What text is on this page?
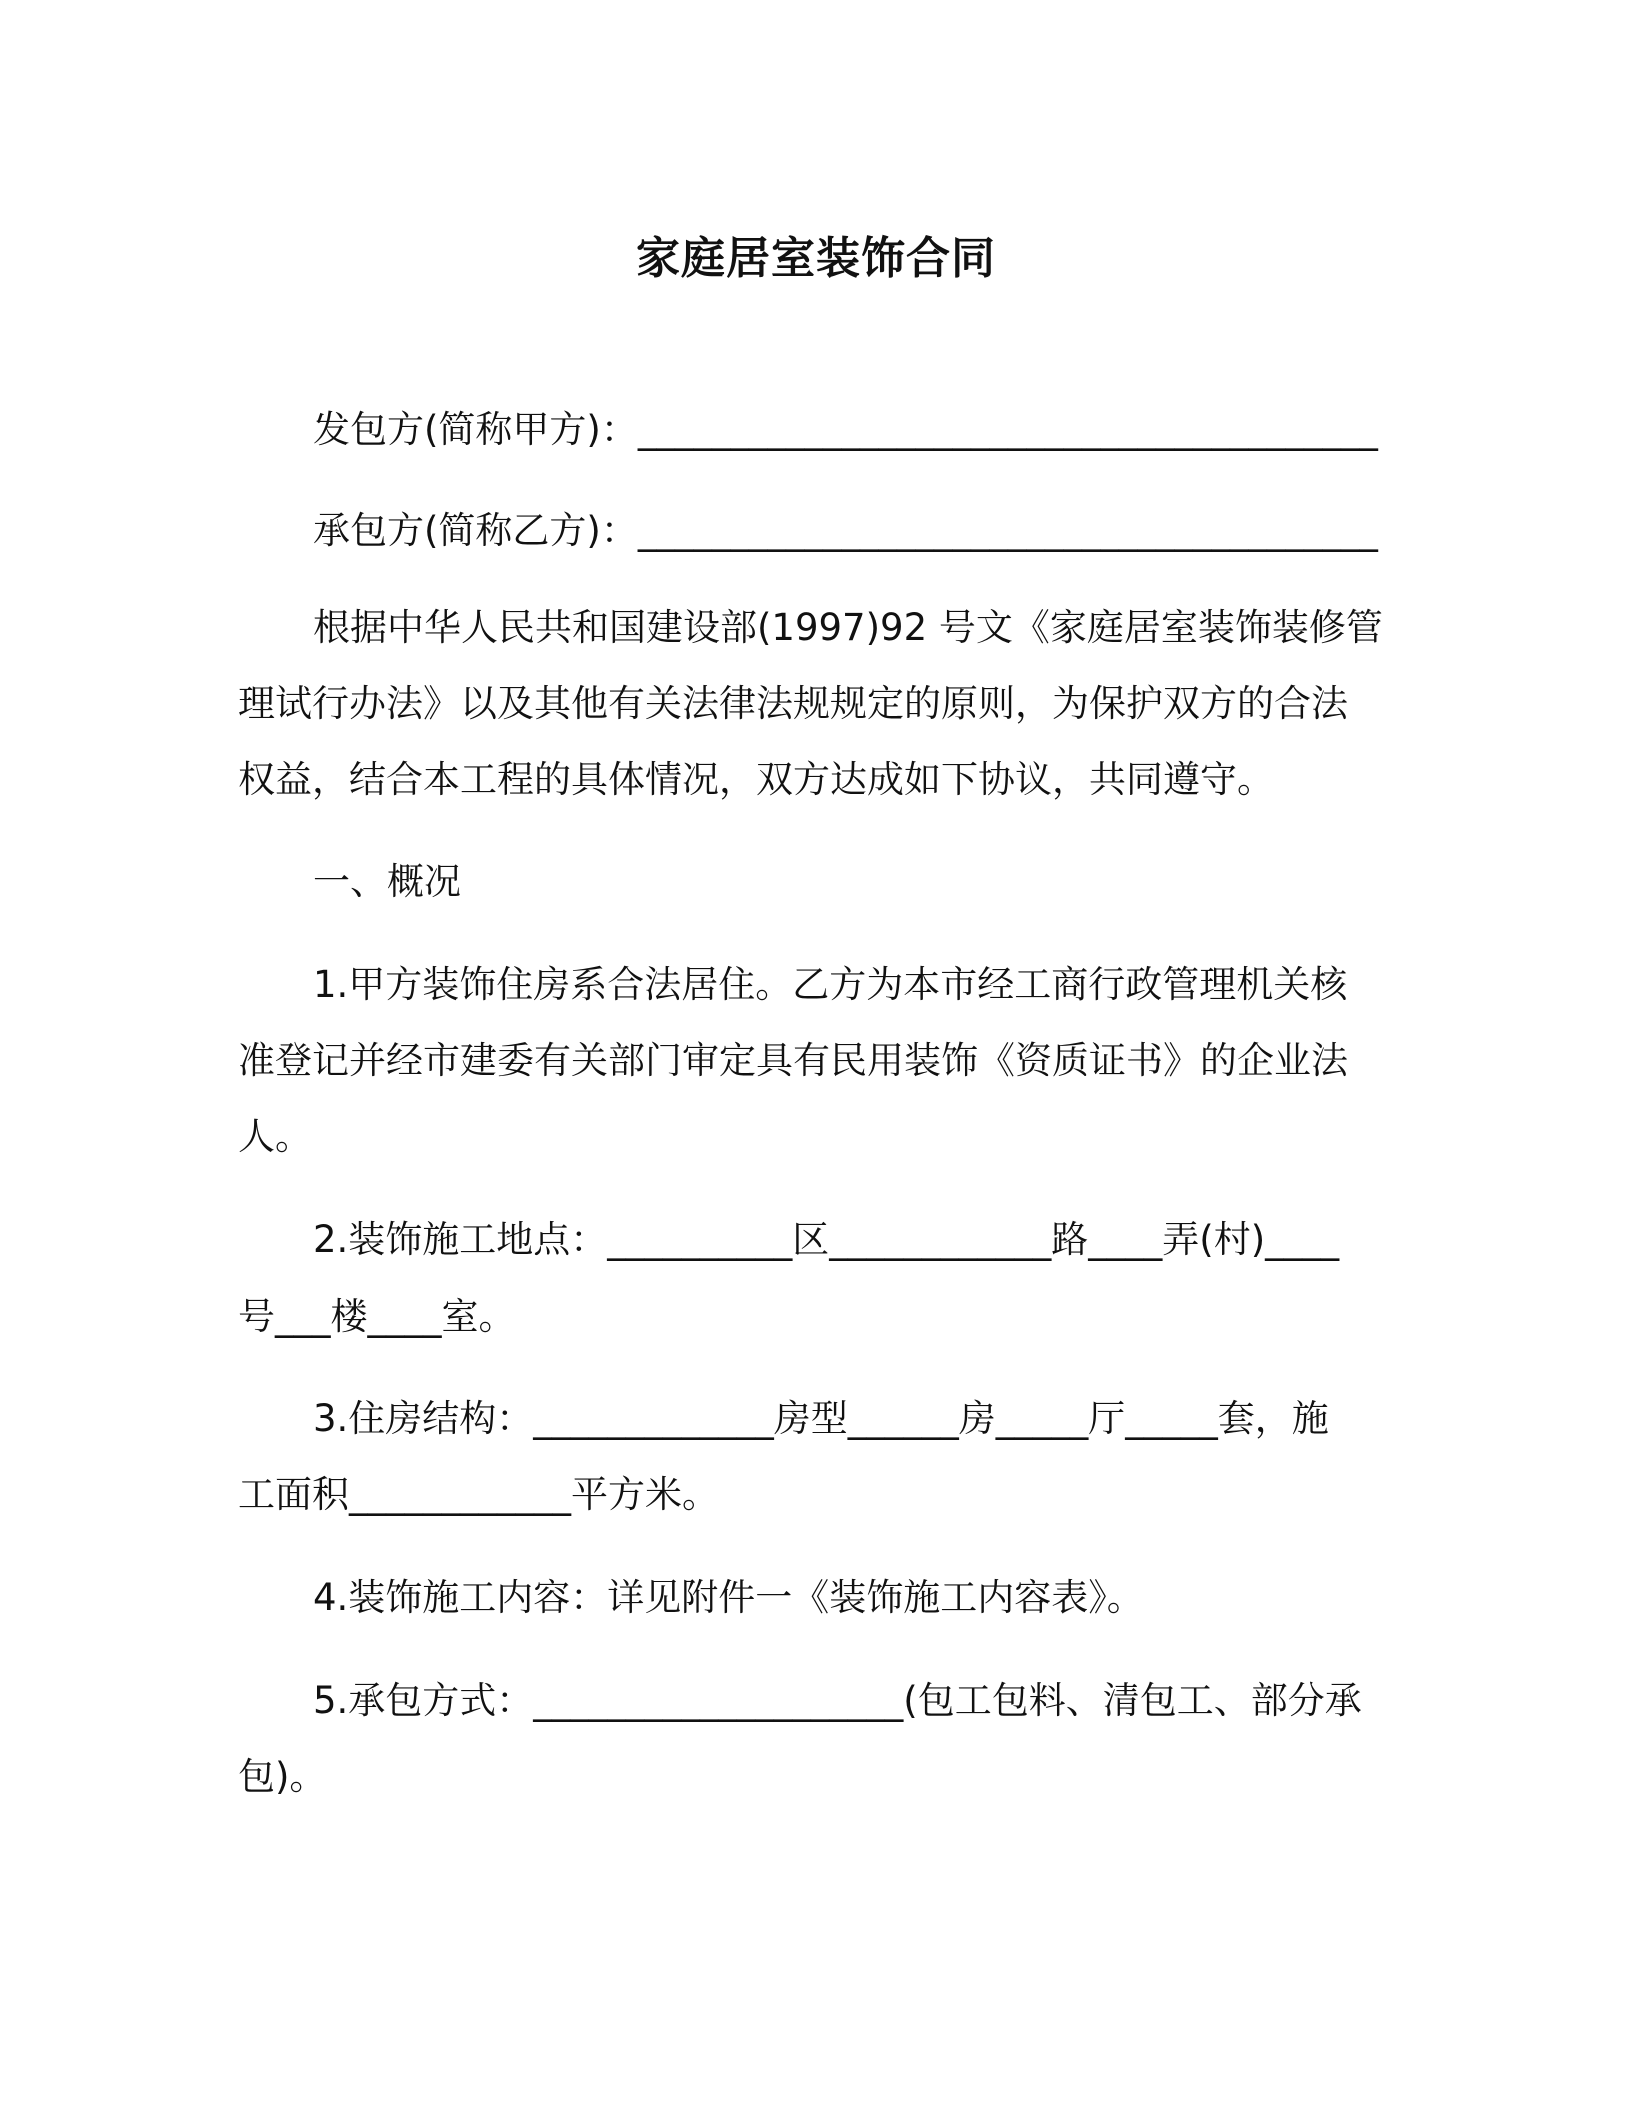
家庭居室装饰合同

发包方(简称甲方)：________________________________________

承包方(简称乙方)：________________________________________

根据中华人民共和国建设部(1997)92 号文《家庭居室装饰装修管

理试行办法》以及其他有关法律法规规定的原则，为保护双方的合法

权益，结合本工程的具体情况，双方达成如下协议，共同遵守。

一、概况

1.甲方装饰住房系合法居住。乙方为本市经工商行政管理机关核

准登记并经市建委有关部门审定具有民用装饰《资质证书》的企业法

人。

2.装饰施工地点：__________区____________路____弄(村)____

号___楼____室。

3.住房结构：_____________房型______房_____厅_____套，施

工面积____________平方米。

4.装饰施工内容：详见附件一《装饰施工内容表》。

5.承包方式：____________________(包工包料、清包工、部分承

包)。
